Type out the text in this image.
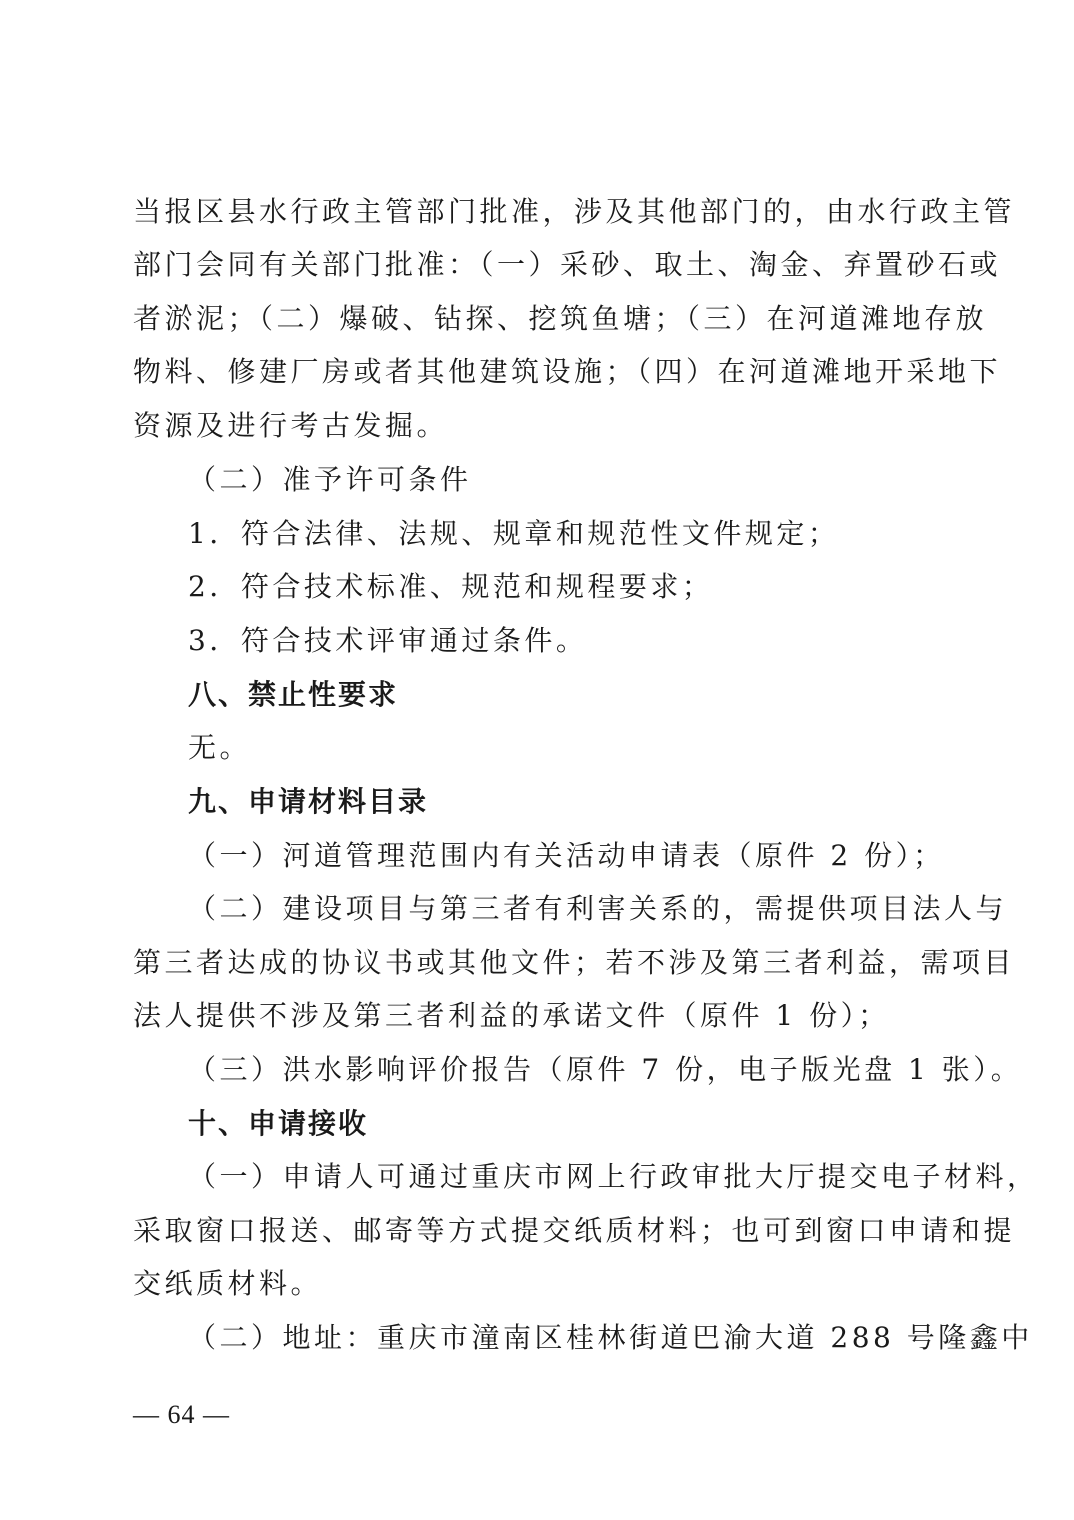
当报区县水行政主管部门批准，涉及其他部门的，由水行政主管
部门会同有关部门批准：（一）采砂、取土、淘金、弃置砂石或
者淤泥；（二）爆破、钻探、挖筑鱼塘；（三）在河道滩地存放
物料、修建厂房或者其他建筑设施；（四）在河道滩地开采地下
资源及进行考古发掘。
（二）准予许可条件
1．符合法律、法规、规章和规范性文件规定；
2．符合技术标准、规范和规程要求；
3．符合技术评审通过条件。
八、禁止性要求
无。
九、申请材料目录
（一）河道管理范围内有关活动申请表（原件 2 份）；
（二）建设项目与第三者有利害关系的，需提供项目法人与
第三者达成的协议书或其他文件；若不涉及第三者利益，需项目
法人提供不涉及第三者利益的承诺文件（原件 1 份）；
（三）洪水影响评价报告（原件 7 份，电子版光盘 1 张）。
十、申请接收
（一）申请人可通过重庆市网上行政审批大厅提交电子材料，
采取窗口报送、邮寄等方式提交纸质材料；也可到窗口申请和提
交纸质材料。
（二）地址：重庆市潼南区桂林街道巴渝大道 288 号隆鑫中
— 64 —
